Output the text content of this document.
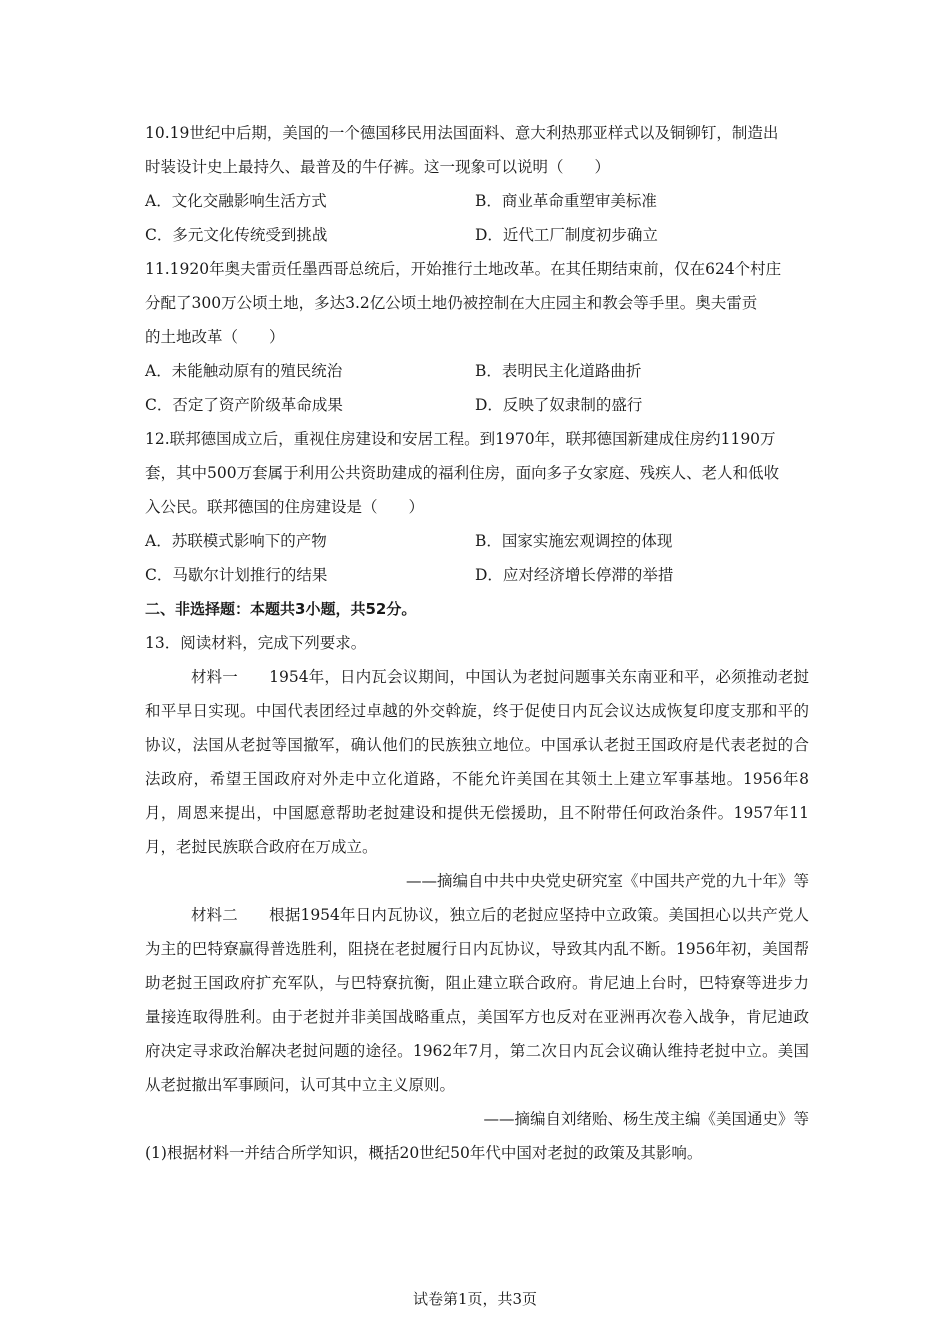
10.19世纪中后期，美国的一个德国移民用法国面料、意大利热那亚样式以及铜铆钉，制造出
时装设计史上最持久、最普及的牛仔裤。这一现象可以说明（　　）
A．文化交融影响生活方式	B．商业革命重塑审美标准
C．多元文化传统受到挑战	D．近代工厂制度初步确立
11.1920年奥夫雷贡任墨西哥总统后，开始推行土地改革。在其任期结束前，仅在624个村庄
分配了300万公顷土地，多达3.2亿公顷土地仍被控制在大庄园主和教会等手里。奥夫雷贡
的土地改革（　　）
A．未能触动原有的殖民统治	B．表明民主化道路曲折
C．否定了资产阶级革命成果	D．反映了奴隶制的盛行
12.联邦德国成立后，重视住房建设和安居工程。到1970年，联邦德国新建成住房约1190万
套，其中500万套属于利用公共资助建成的福利住房，面向多子女家庭、残疾人、老人和低收
入公民。联邦德国的住房建设是（　　）
A．苏联模式影响下的产物	B．国家实施宏观调控的体现
C．马歇尔计划推行的结果	D．应对经济增长停滞的举措
二、非选择题：本题共3小题，共52分。
13．阅读材料，完成下列要求。
材料一　　1954年，日内瓦会议期间，中国认为老挝问题事关东南亚和平，必须推动老挝和平早日实现。中国代表团经过卓越的外交斡旋，终于促使日内瓦会议达成恢复印度支那和平的协议，法国从老挝等国撤军，确认他们的民族独立地位。中国承认老挝王国政府是代表老挝的合法政府，希望王国政府对外走中立化道路，不能允许美国在其领土上建立军事基地。1956年8月，周恩来提出，中国愿意帮助老挝建设和提供无偿援助，且不附带任何政治条件。1957年11月，老挝民族联合政府在万成立。
——摘编自中共中央党史研究室《中国共产党的九十年》等
材料二　　根据1954年日内瓦协议，独立后的老挝应坚持中立政策。美国担心以共产党人为主的巴特寮赢得普选胜利，阻挠在老挝履行日内瓦协议，导致其内乱不断。1956年初，美国帮助老挝王国政府扩充军队，与巴特寮抗衡，阻止建立联合政府。肯尼迪上台时，巴特寮等进步力量接连取得胜利。由于老挝并非美国战略重点，美国军方也反对在亚洲再次卷入战争，肯尼迪政府决定寻求政治解决老挝问题的途径。1962年7月，第二次日内瓦会议确认维持老挝中立。美国从老挝撤出军事顾问，认可其中立主义原则。
——摘编自刘绪贻、杨生茂主编《美国通史》等
(1)根据材料一并结合所学知识，概括20世纪50年代中国对老挝的政策及其影响。
试卷第1页，共3页
